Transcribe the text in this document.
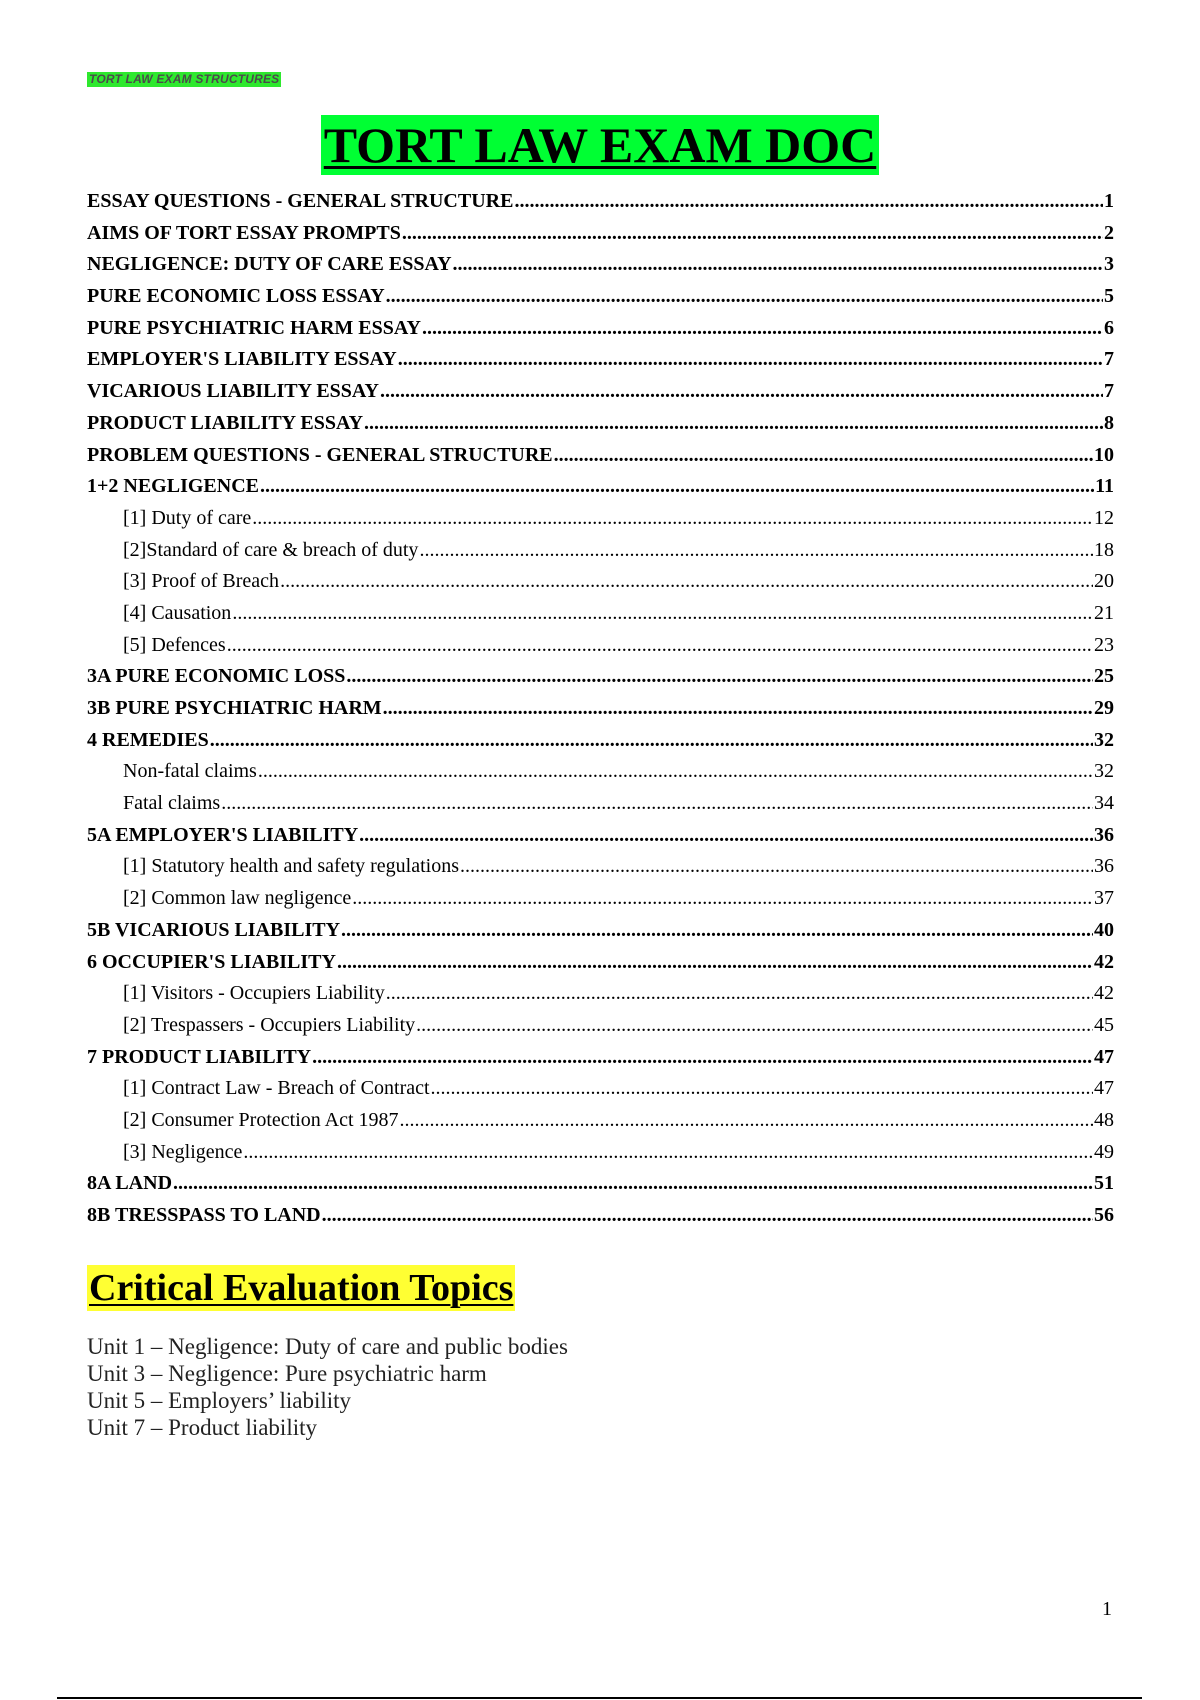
TORT LAW EXAM STRUCTURES
TORT LAW EXAM DOC
ESSAY QUESTIONS - GENERAL STRUCTURE .....	1
AIMS OF TORT ESSAY PROMPTS .....	2
NEGLIGENCE: DUTY OF CARE ESSAY .....	3
PURE ECONOMIC LOSS ESSAY .....	5
PURE PSYCHIATRIC HARM ESSAY .....	6
EMPLOYER'S LIABILITY ESSAY .....	7
VICARIOUS LIABILITY ESSAY .....	7
PRODUCT LIABILITY ESSAY .....	8
PROBLEM QUESTIONS - GENERAL STRUCTURE .....	10
1+2 NEGLIGENCE .....	11
[1] Duty of care .....	12
[2]Standard of care & breach of duty .....	18
[3] Proof of Breach .....	20
[4] Causation .....	21
[5] Defences .....	23
3A PURE ECONOMIC LOSS .....	25
3B PURE PSYCHIATRIC HARM .....	29
4 REMEDIES .....	32
Non-fatal claims .....	32
Fatal claims .....	34
5A EMPLOYER'S LIABILITY .....	36
[1] Statutory health and safety regulations .....	36
[2] Common law negligence .....	37
5B VICARIOUS LIABILITY .....	40
6 OCCUPIER'S LIABILITY .....	42
[1] Visitors - Occupiers Liability .....	42
[2] Trespassers - Occupiers Liability .....	45
7 PRODUCT LIABILITY .....	47
[1] Contract Law - Breach of Contract .....	47
[2] Consumer Protection Act 1987 .....	48
[3] Negligence .....	49
8A LAND .....	51
8B TRESSPASS TO LAND .....	56
Critical Evaluation Topics
Unit 1 – Negligence: Duty of care and public bodies
Unit 3 – Negligence: Pure psychiatric harm
Unit 5 – Employers’ liability
Unit 7 – Product liability
1
